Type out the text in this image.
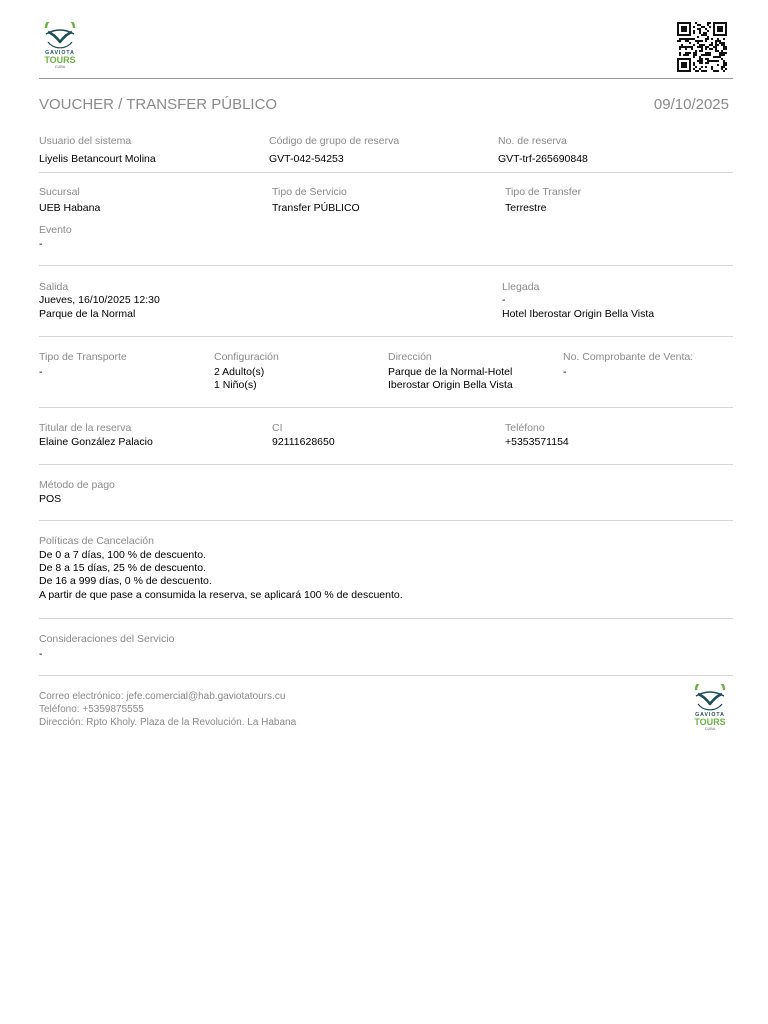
GAVIOTA
TOURS
CUBA
VOUCHER / TRANSFER PÚBLICO	09/10/2025
Usuario del sistema
Liyelis Betancourt Molina
Código de grupo de reserva
GVT-042-54253
No. de reserva
GVT-trf-265690848
Sucursal
UEB Habana
Tipo de Servicio
Transfer PÚBLICO
Tipo de Transfer
Terrestre
Evento
-
Salida
Jueves, 16/10/2025 12:30
Parque de la Normal
Llegada
-
Hotel Iberostar Origin Bella Vista
Tipo de Transporte
-
Configuración
2 Adulto(s)
1 Niño(s)
Dirección
Parque de la Normal-Hotel
Iberostar Origin Bella Vista
No. Comprobante de Venta:
-
Titular de la reserva
Elaine González Palacio
CI
92111628650
Teléfono
+5353571154
Método de pago
POS
Políticas de Cancelación
De 0 a 7 días, 100 % de descuento.
De 8 a 15 días, 25 % de descuento.
De 16 a 999 días, 0 % de descuento.
A partir de que pase a consumida la reserva, se aplicará 100 % de descuento.
Consideraciones del Servicio
-
Correo electrónico: jefe.comercial@hab.gaviotatours.cu
Teléfono: +5359875555
Dirección: Rpto Kholy. Plaza de la Revolución. La Habana
GAVIOTA
TOURS
CUBA
